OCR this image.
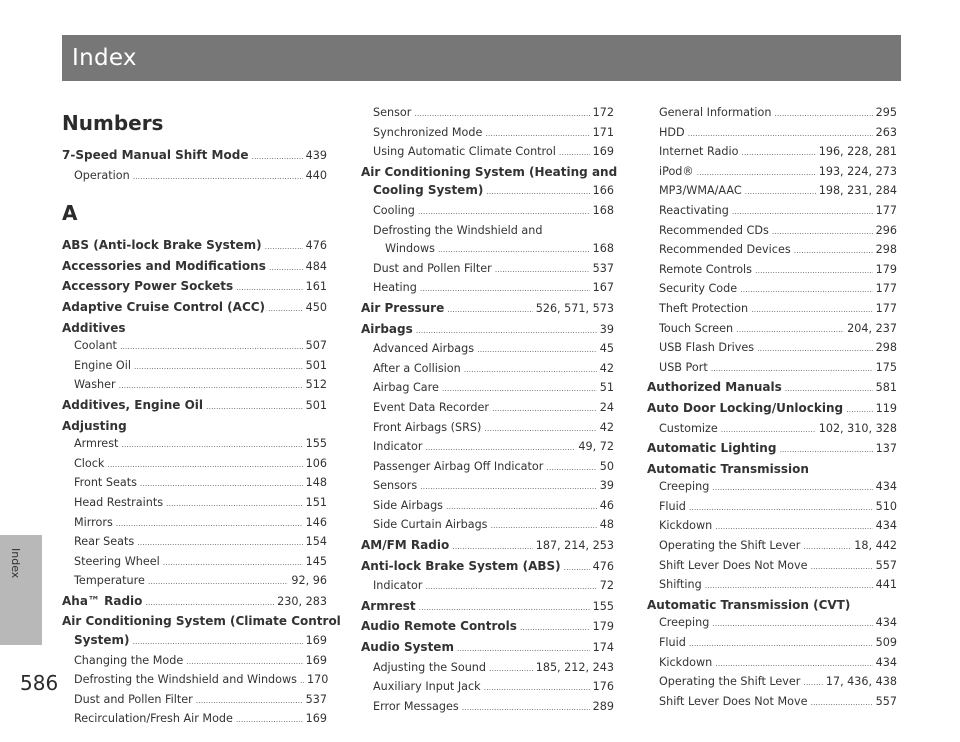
Index
Numbers
7-Speed Manual Shift Mode . . .	439
Operation . . .	440
A
ABS (Anti-lock Brake System) . . .	476
Accessories and Modifications . . .	484
Accessory Power Sockets . . .	161
Adaptive Cruise Control (ACC) . . .	450
Additives
Coolant . . .	507
Engine Oil . . .	501
Washer . . .	512
Additives, Engine Oil . . .	501
Adjusting
Armrest . . .	155
Clock . . .	106
Front Seats . . .	148
Head Restraints . . .	151
Mirrors . . .	146
Rear Seats . . .	154
Steering Wheel . . .	145
Temperature . . .	92, 96
Aha™ Radio . . .	230, 283
Air Conditioning System (Climate Control
System) . . .	169
Changing the Mode . . .	169
Defrosting the Windshield and Windows . . . 170
Dust and Pollen Filter . . .	537
Recirculation/Fresh Air Mode . . .	169
Sensor . . .	172
Synchronized Mode . . .	171
Using Automatic Climate Control . . .	169
Air Conditioning System (Heating and
Cooling System) . . .	166
Cooling . . .	168
Defrosting the Windshield and
Windows . . .	168
Dust and Pollen Filter . . .	537
Heating . . .	167
Air Pressure . . .	526, 571, 573
Airbags . . .	39
Advanced Airbags . . .	45
After a Collision . . .	42
Airbag Care . . .	51
Event Data Recorder . . .	24
Front Airbags (SRS) . . .	42
Indicator . . .	49, 72
Passenger Airbag Off Indicator . . .	50
Sensors . . .	39
Side Airbags . . .	46
Side Curtain Airbags . . .	48
AM/FM Radio . . .	187, 214, 253
Anti-lock Brake System (ABS) . . .	476
Indicator . . .	72
Armrest . . .	155
Audio Remote Controls . . .	179
Audio System . . .	174
Adjusting the Sound . . .	185, 212, 243
Auxiliary Input Jack . . .	176
Error Messages . . .	289
General Information . . .	295
HDD . . .	263
Internet Radio . . .	196, 228, 281
iPod® . . .	193, 224, 273
MP3/WMA/AAC . . .	198, 231, 284
Reactivating . . .	177
Recommended CDs . . .	296
Recommended Devices . . .	298
Remote Controls . . .	179
Security Code . . .	177
Theft Protection . . .	177
Touch Screen . . .	204, 237
USB Flash Drives . . .	298
USB Port . . .	175
Authorized Manuals . . .	581
Auto Door Locking/Unlocking . . .	119
Customize . . .	102, 310, 328
Automatic Lighting . . .	137
Automatic Transmission
Creeping . . .	434
Fluid . . .	510
Kickdown . . .	434
Operating the Shift Lever . . .	18, 442
Shift Lever Does Not Move . . .	557
Shifting . . .	441
Automatic Transmission (CVT)
Creeping . . .	434
Fluid . . .	509
Kickdown . . .	434
Operating the Shift Lever . . . 17, 436, 438
Shift Lever Does Not Move . . .	557
Index
586
